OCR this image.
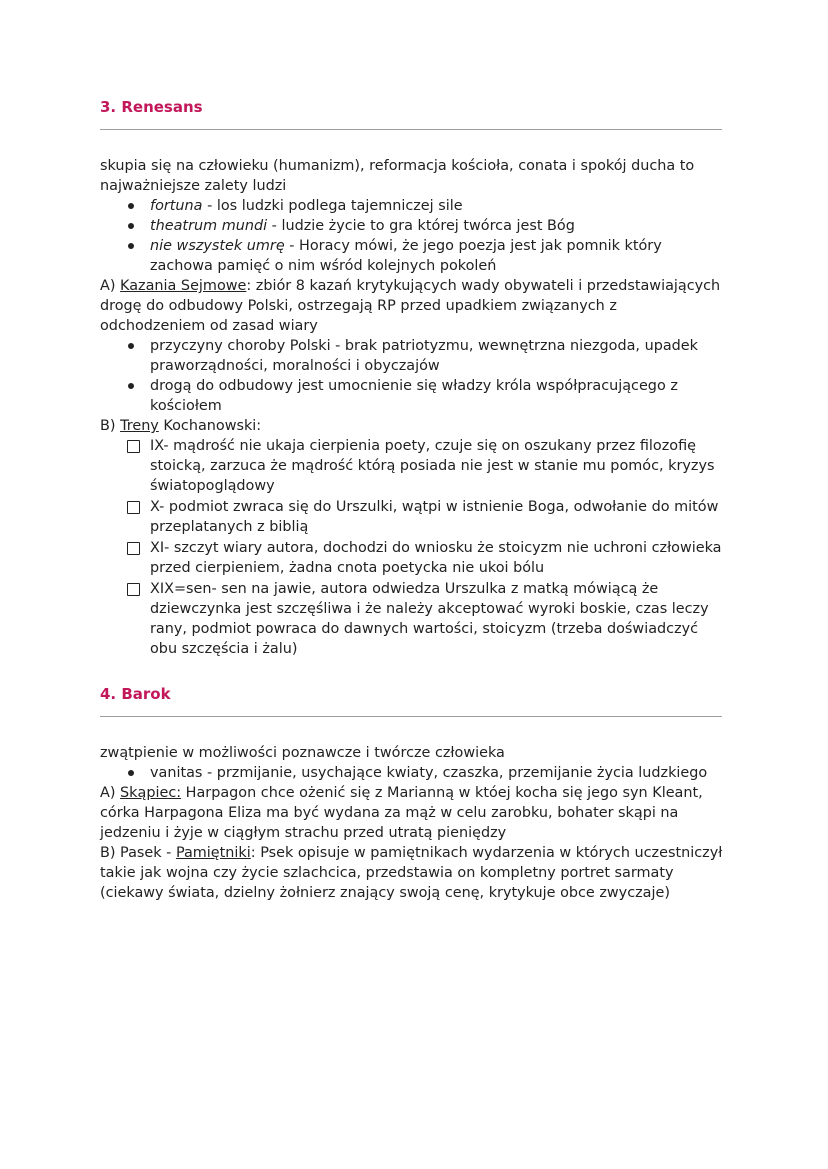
3. Renesans

skupia się na człowieku (humanizm), reformacja kościoła, conata i spokój ducha to najważniejsze zalety ludzi

fortuna - los ludzki podlega tajemniczej sile
theatrum mundi - ludzie życie to gra której twórca jest Bóg
nie wszystek umrę - Horacy mówi, że jego poezja jest jak pomnik który zachowa pamięć o nim wśród kolejnych pokoleń

A) Kazania Sejmowe: zbiór 8 kazań krytykujących wady obywateli i przedstawiających drogę do odbudowy Polski, ostrzegają RP przed upadkiem związanych z odchodzeniem od zasad wiary

przyczyny choroby Polski - brak patriotyzmu, wewnętrzna niezgoda, upadek praworządności, moralności i obyczajów
drogą do odbudowy jest umocnienie się władzy króla współpracującego z kościołem

B) Treny Kochanowski:

IX- mądrość nie ukaja cierpienia poety, czuje się on oszukany przez filozofię stoicką, zarzuca że mądrość którą posiada nie jest w stanie mu pomóc, kryzys światopoglądowy
X- podmiot zwraca się do Urszulki, wątpi w istnienie Boga, odwołanie do mitów przeplatanych z biblią
XI- szczyt wiary autora, dochodzi do wniosku że stoicyzm nie uchroni człowieka przed cierpieniem, żadna cnota poetycka nie ukoi bólu
XIX=sen- sen na jawie, autora odwiedza Urszulka z matką mówiącą że dziewczynka jest szczęśliwa i że należy akceptować wyroki boskie, czas leczy rany, podmiot powraca do dawnych wartości, stoicyzm (trzeba doświadczyć obu szczęścia i żalu)
4. Barok

zwątpienie w możliwości poznawcze i twórcze człowieka

vanitas - przmijanie, usychające kwiaty, czaszka, przemijanie życia ludzkiego

A) Skąpiec: Harpagon chce ożenić się z Marianną w któej kocha się jego syn Kleant, córka Harpagona Eliza ma być wydana za mąż w celu zarobku, bohater skąpi na jedzeniu i żyje w ciągłym strachu przed utratą pieniędzy

B) Pasek - Pamiętniki: Psek opisuje w pamiętnikach wydarzenia w których uczestniczył takie jak wojna czy życie szlachcica, przedstawia on kompletny portret sarmaty (ciekawy świata, dzielny żołnierz znający swoją cenę, krytykuje obce zwyczaje)
